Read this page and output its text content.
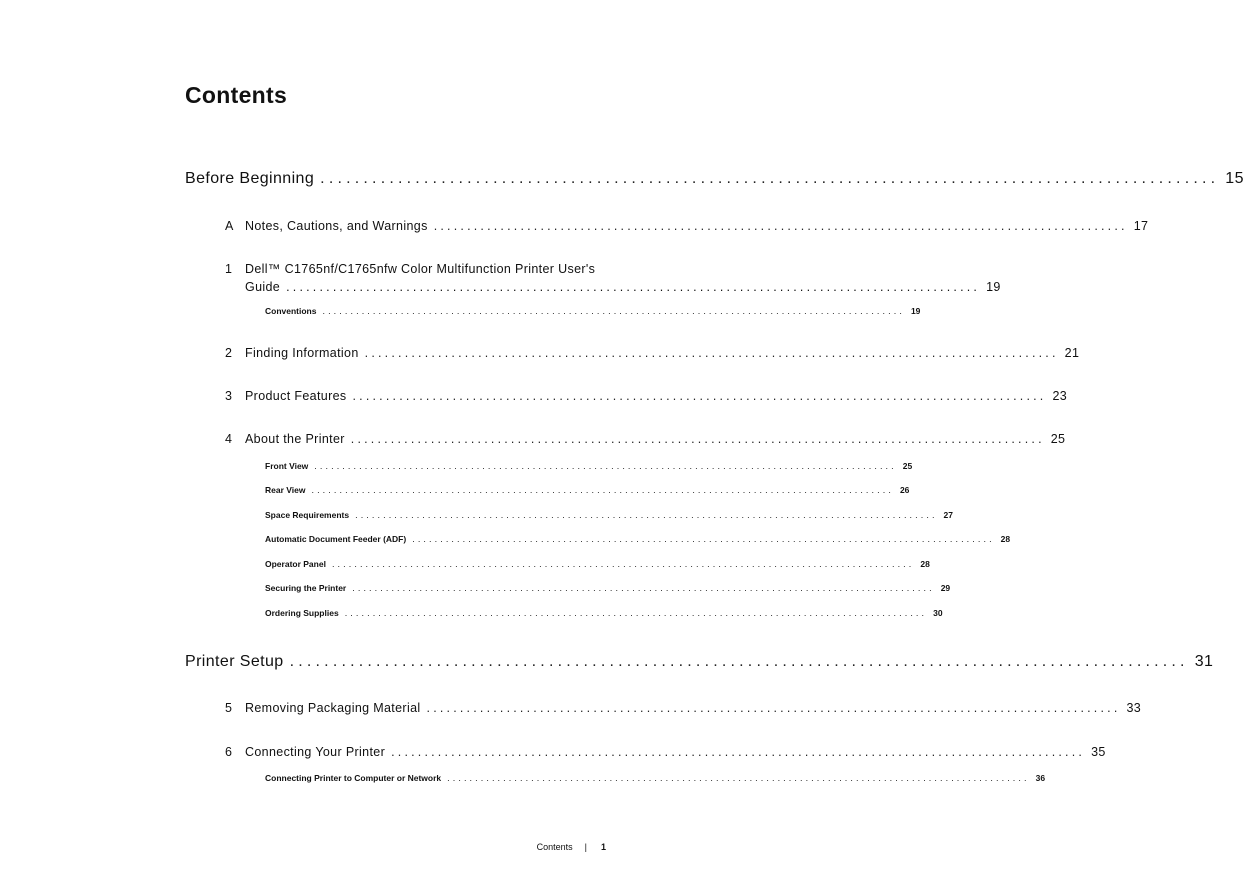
Contents
Before Beginning ........................................................................................................ 15
A Notes, Cautions, and Warnings ........................................................................................................ 17
1	Dell™ C1765nf/C1765nfw Color Multifunction Printer User's
Guide ........................................................................................................ 19
Conventions ........................................................................................................ 19
2	Finding Information ........................................................................................................ 21
3	Product Features ........................................................................................................ 23
4	About the Printer ........................................................................................................ 25
Front View ........................................................................................................ 25
Rear View ........................................................................................................ 26
Space Requirements ........................................................................................................ 27
Automatic Document Feeder (ADF) ........................................................................................................ 28
Operator Panel ........................................................................................................ 28
Securing the Printer ........................................................................................................ 29
Ordering Supplies ........................................................................................................ 30
Printer Setup ........................................................................................................ 31
5	Removing Packaging Material ........................................................................................................ 33
6	Connecting Your Printer ........................................................................................................ 35
Connecting Printer to Computer or Network ........................................................................................................ 36
Contents | 1
